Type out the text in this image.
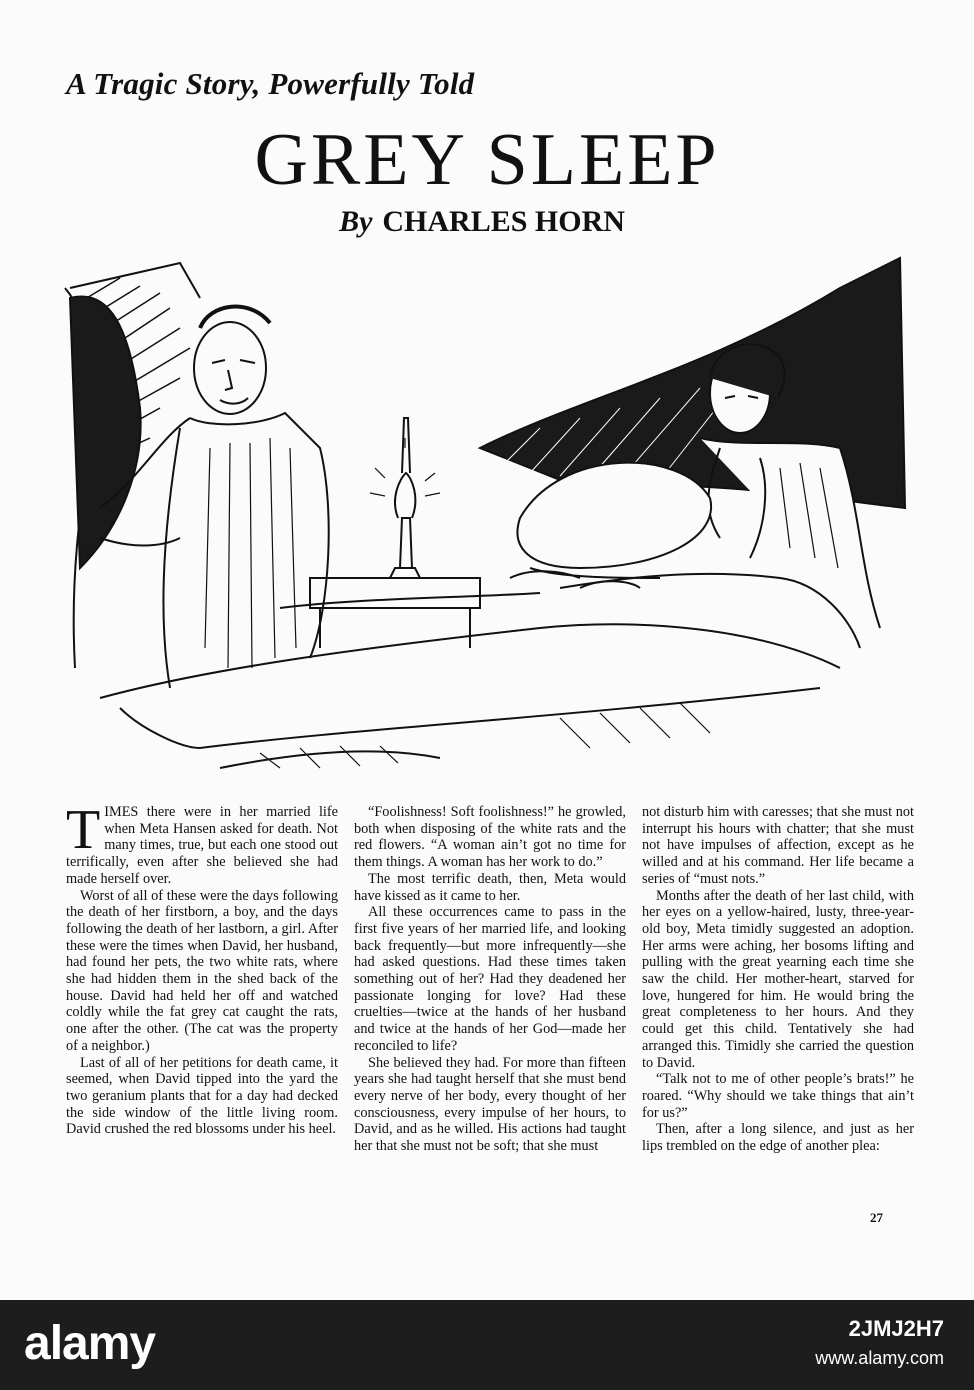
A Tragic Story, Powerfully Told
GREY SLEEP
By CHARLES HORN

TIMES there were in her married life when Meta Hansen asked for death. Not many times, true, but each one stood out terrifically, even after she believed she had made herself over.

Worst of all of these were the days following the death of her firstborn, a boy, and the days following the death of her lastborn, a girl. After these were the times when David, her husband, had found her pets, the two white rats, where she had hidden them in the shed back of the house. David had held her off and watched coldly while the fat grey cat caught the rats, one after the other. (The cat was the property of a neighbor.)

Last of all of her petitions for death came, it seemed, when David tipped into the yard the two geranium plants that for a day had decked the side window of the little living room. David crushed the red blossoms under his heel.

“Foolishness! Soft foolishness!” he growled, both when disposing of the white rats and the red flowers. “A woman ain’t got no time for them things. A woman has her work to do.”

The most terrific death, then, Meta would have kissed as it came to her.

All these occurrences came to pass in the first five years of her married life, and looking back frequently—but more infrequently—she had asked questions. Had these times taken something out of her? Had they deadened her passionate longing for love? Had these cruelties—twice at the hands of her husband and twice at the hands of her God—made her reconciled to life?

She believed they had. For more than fifteen years she had taught herself that she must bend every nerve of her body, every thought of her consciousness, every impulse of her hours, to David, and as he willed. His actions had taught her that she must not be soft; that she must

not disturb him with caresses; that she must not interrupt his hours with chatter; that she must not have impulses of affection, except as he willed and at his command. Her life became a series of “must nots.”

Months after the death of her last child, with her eyes on a yellow-haired, lusty, three-year-old boy, Meta timidly suggested an adoption. Her arms were aching, her bosoms lifting and pulling with the great yearning each time she saw the child. Her mother-heart, starved for love, hungered for him. He would bring the great completeness to her hours. And they could get this child. Tentatively she had arranged this. Timidly she carried the question to David.

“Talk not to me of other people’s brats!” he roared. “Why should we take things that ain’t for us?”

Then, after a long silence, and just as her lips trembled on the edge of another plea:

27
alamy	2JMJ2H7
www.alamy.com
